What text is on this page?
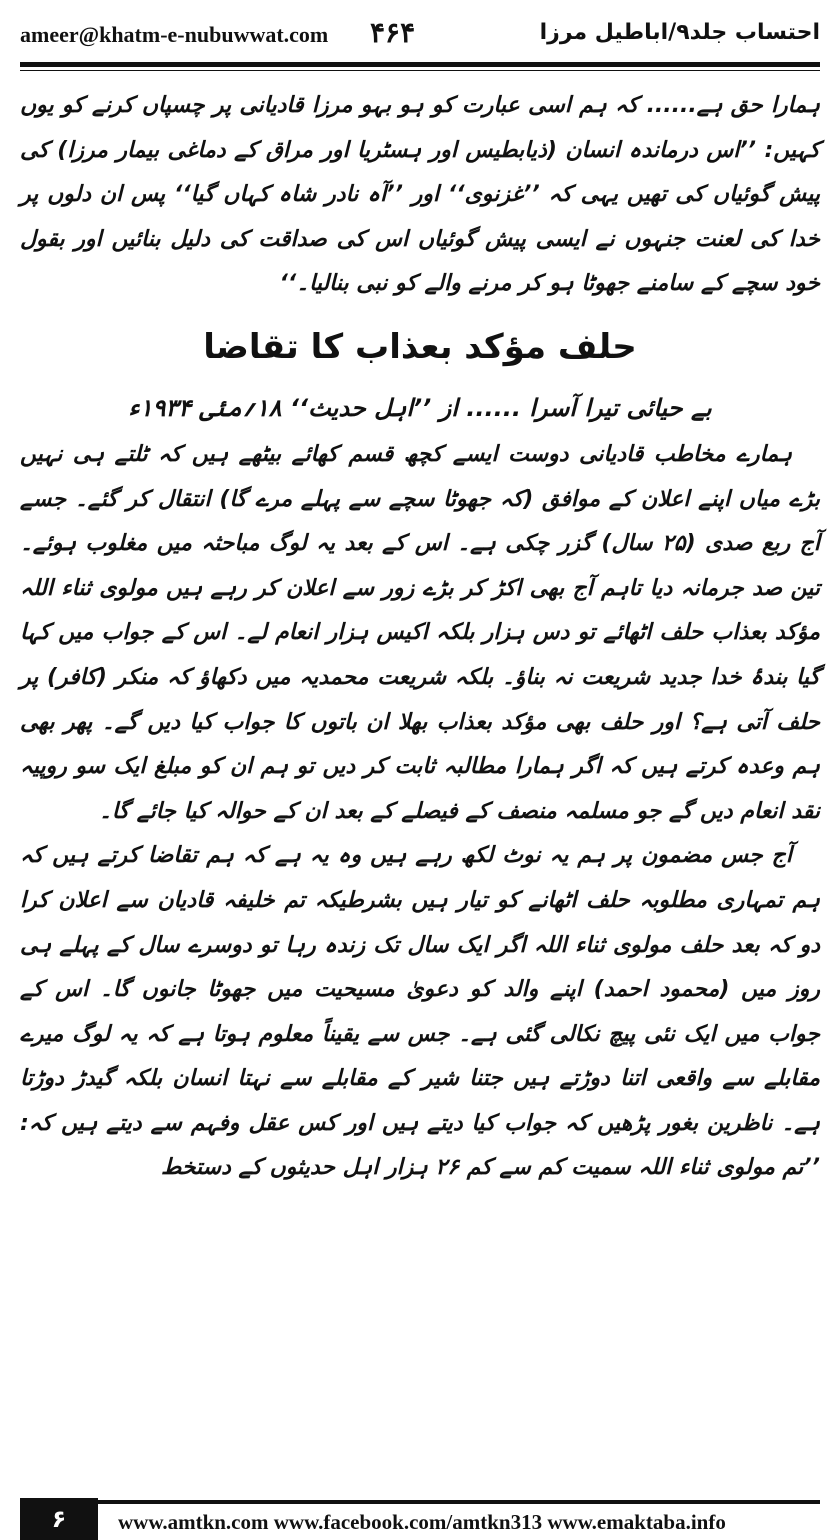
ameer@khatm-e-nubuwwat.com ۴۶۴	احتساب جلد۹/اباطیل مرزا

ہمارا حق ہے...... کہ ہم اسی عبارت کو ہو بہو مرزا قادیانی پر چسپاں کرنے کو یوں کہیں: ’’اس درماندہ انسان (ذیابطیس اور ہسٹریا اور مراق کے دماغی بیمار مرزا) کی پیش گوئیاں کی تھیں یہی کہ ’’غزنوی‘‘ اور ’’آہ نادر شاہ کہاں گیا‘‘ پس ان دلوں پر خدا کی لعنت جنہوں نے ایسی پیش گوئیاں اس کی صداقت کی دلیل بنائیں اور بقول خود سچے کے سامنے جھوٹا ہو کر مرنے والے کو نبی بنالیا۔‘‘

حلف مؤکد بعذاب کا تقاضا

بے حیائی تیرا آسرا ...... از ’’اہل حدیث‘‘ ۱۸؍مئی ۱۹۳۴ء

ہمارے مخاطب قادیانی دوست ایسے کچھ قسم کھائے بیٹھے ہیں کہ ٹلتے ہی نہیں بڑے میاں اپنے اعلان کے موافق (کہ جھوٹا سچے سے پہلے مرے گا) انتقال کر گئے۔ جسے آج ربع صدی (۲۵ سال) گزر چکی ہے۔ اس کے بعد یہ لوگ مباحثہ میں مغلوب ہوئے۔ تین صد جرمانہ دیا تاہم آج بھی اکڑ کر بڑے زور سے اعلان کر رہے ہیں مولوی ثناء اللہ مؤکد بعذاب حلف اٹھائے تو دس ہزار بلکہ اکیس ہزار انعام لے۔ اس کے جواب میں کہا گیا بندۂ خدا جدید شریعت نہ بناؤ۔ بلکہ شریعت محمدیہ میں دکھاؤ کہ منکر (کافر) پر حلف آتی ہے؟ اور حلف بھی مؤکد بعذاب بھلا ان باتوں کا جواب کیا دیں گے۔ پھر بھی ہم وعدہ کرتے ہیں کہ اگر ہمارا مطالبہ ثابت کر دیں تو ہم ان کو مبلغ ایک سو روپیہ نقد انعام دیں گے جو مسلمہ منصف کے فیصلے کے بعد ان کے حوالہ کیا جائے گا۔

آج جس مضمون پر ہم یہ نوٹ لکھ رہے ہیں وہ یہ ہے کہ ہم تقاضا کرتے ہیں کہ ہم تمہاری مطلوبہ حلف اٹھانے کو تیار ہیں بشرطیکہ تم خلیفہ قادیان سے اعلان کرا دو کہ بعد حلف مولوی ثناء اللہ اگر ایک سال تک زندہ رہا تو دوسرے سال کے پہلے ہی روز میں (محمود احمد) اپنے والد کو دعویٰ مسیحیت میں جھوٹا جانوں گا۔ اس کے جواب میں ایک نئی پیچ نکالی گئی ہے۔ جس سے یقیناً معلوم ہوتا ہے کہ یہ لوگ میرے مقابلے سے واقعی اتنا دوڑتے ہیں جتنا شیر کے مقابلے سے نہتا انسان بلکہ گیدڑ دوڑتا ہے۔ ناظرین بغور پڑھیں کہ جواب کیا دیتے ہیں اور کس عقل وفہم سے دیتے ہیں کہ: ’’تم مولوی ثناء اللہ سمیت کم سے کم ۲۶ ہزار اہل حدیثوں کے دستخط

۶	www.amtkn.com www.facebook.com/amtkn313 www.emaktaba.info
